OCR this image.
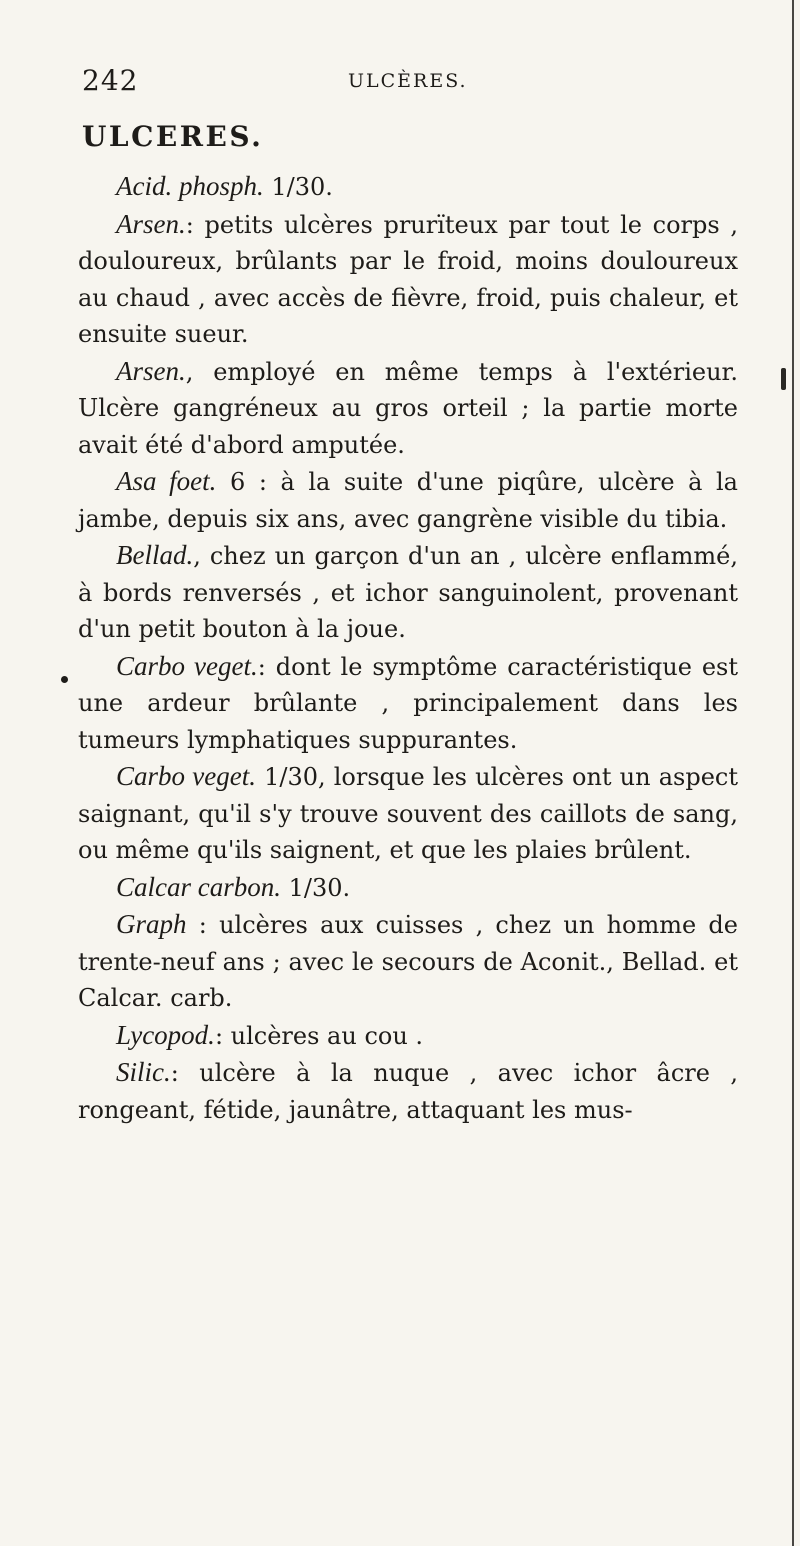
242	ULCÈRES.
ULCERES.

Acid. phosph. 1/30.

Arsen.: petits ulcères prurïteux par tout le corps , douloureux, brûlants par le froid, moins douloureux au chaud , avec accès de fièvre, froid, puis chaleur, et ensuite sueur.

Arsen., employé en même temps à l'extérieur. Ulcère gangréneux au gros orteil ; la partie morte avait été d'abord amputée.

Asa foet. 6 : à la suite d'une piqûre, ulcère à la jambe, depuis six ans, avec gangrène visible du tibia.

Bellad., chez un garçon d'un an , ulcère enflammé, à bords renversés , et ichor sanguinolent, provenant d'un petit bouton à la joue.

Carbo veget.: dont le symptôme caractéristique est une ardeur brûlante , principalement dans les tumeurs lymphatiques suppurantes.

Carbo veget. 1/30, lorsque les ulcères ont un aspect saignant, qu'il s'y trouve souvent des caillots de sang, ou même qu'ils saignent, et que les plaies brûlent.

Calcar carbon. 1/30.

Graph : ulcères aux cuisses , chez un homme de trente-neuf ans ; avec le secours de Aconit., Bellad. et Calcar. carb.

Lycopod.: ulcères au cou .

Silic.: ulcère à la nuque , avec ichor âcre , rongeant, fétide, jaunâtre, attaquant les mus-
